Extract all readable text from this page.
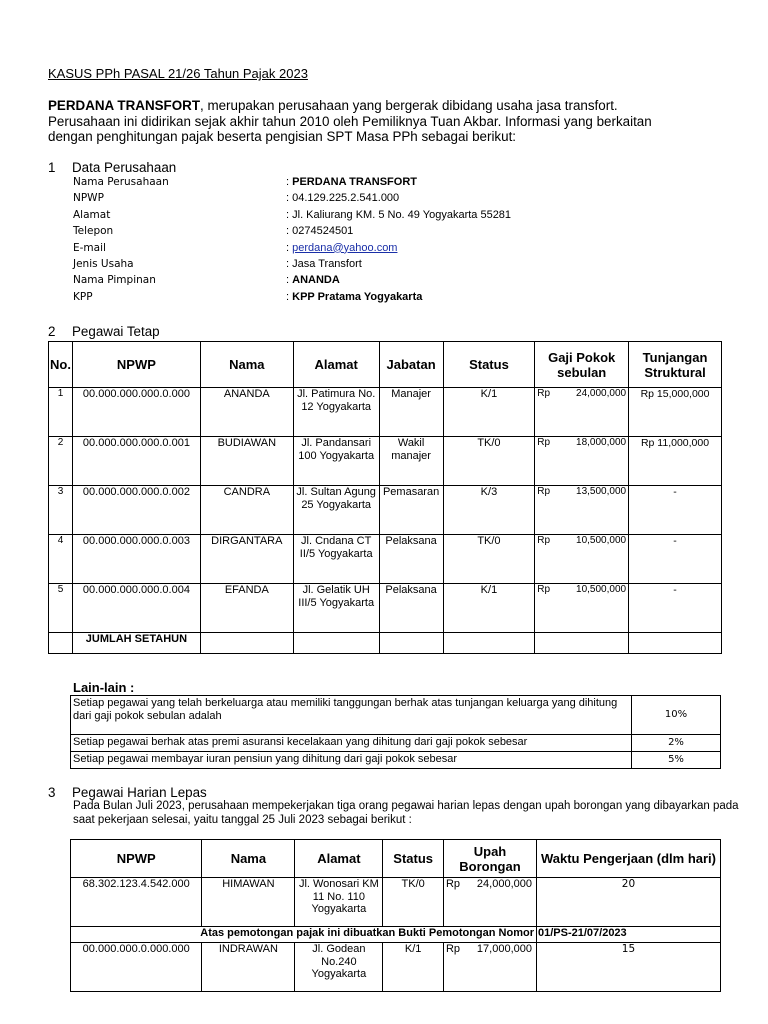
KASUS PPh PASAL 21/26 Tahun Pajak 2023
PERDANA TRANSFORT, merupakan perusahaan yang bergerak dibidang usaha jasa transfort.
Perusahaan ini didirikan sejak akhir tahun 2010 oleh Pemiliknya Tuan Akbar. Informasi yang berkaitan
dengan penghitungan pajak beserta pengisian SPT Masa PPh sebagai berikut:
1 Data Perusahaan
Nama Perusahaan	: PERDANA TRANSFORT
NPWP	: 04.129.225.2.541.000
Alamat	: Jl. Kaliurang KM. 5 No. 49 Yogyakarta 55281
Telepon	: 0274524501
E-mail	: perdana@yahoo.com
Jenis Usaha	: Jasa Transfort
Nama Pimpinan	: ANANDA
KPP	: KPP Pratama Yogyakarta
2 Pegawai Tetap
No.	NPWP	Nama	Alamat	Jabatan	Status	Gaji Pokok sebulan	Tunjangan Struktural
1	00.000.000.000.0.000	ANANDA	Jl. Patimura No. 12 Yogyakarta	Manajer	K/1	Rp 24,000,000	Rp 15,000,000
2	00.000.000.000.0.001	BUDIAWAN	Jl. Pandansari 100 Yogyakarta	Wakil manajer	TK/0	Rp 18,000,000	Rp 11,000,000
3	00.000.000.000.0.002	CANDRA	Jl. Sultan Agung 25 Yogyakarta	Pemasaran	K/3	Rp 13,500,000	-
4	00.000.000.000.0.003	DIRGANTARA	Jl. Cndana CT II/5 Yogyakarta	Pelaksana	TK/0	Rp 10,500,000	-
5	00.000.000.000.0.004	EFANDA	Jl. Gelatik UH III/5 Yogyakarta	Pelaksana	K/1	Rp 10,500,000	-
	JUMLAH SETAHUN						
Lain-lain :
Setiap pegawai yang telah berkeluarga atau memiliki tanggungan berhak atas tunjangan keluarga yang dihitung dari gaji pokok sebulan adalah	10%
Setiap pegawai berhak atas premi asuransi kecelakaan yang dihitung dari gaji pokok sebesar	2%
Setiap pegawai membayar iuran pensiun yang dihitung dari gaji pokok sebesar	5%
3 Pegawai Harian Lepas
Pada Bulan Juli 2023, perusahaan mempekerjakan tiga orang pegawai harian lepas dengan upah borongan yang dibayarkan pada saat pekerjaan selesai, yaitu tanggal 25 Juli 2023 sebagai berikut :
NPWP	Nama	Alamat	Status	Upah Borongan	Waktu Pengerjaan (dlm hari)
68.302.123.4.542.000	HIMAWAN	Jl. Wonosari KM 11 No. 110 Yogyakarta	TK/0	Rp 24,000,000	20
Atas pemotongan pajak ini dibuatkan Bukti Pemotongan Nomor					01/PS-21/07/2023
00.000.000.0.000.000	INDRAWAN	Jl. Godean No.240 Yogyakarta	K/1	Rp 17,000,000	15
